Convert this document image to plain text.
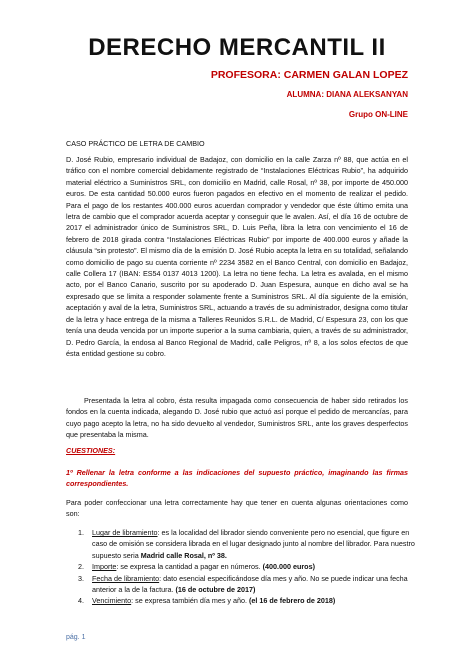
DERECHO MERCANTIL II
PROFESORA: CARMEN GALAN LOPEZ
ALUMNA: DIANA ALEKSANYAN
Grupo ON-LINE
CASO PRÁCTICO DE LETRA DE CAMBIO
D. José Rubio, empresario individual de Badajoz, con domicilio en la calle Zarza nº 88, que actúa en el tráfico con el nombre comercial debidamente registrado de “Instalaciones Eléctricas Rubio”, ha adquirido material eléctrico a Suministros SRL, con domicilio en Madrid, calle Rosal, nº 38, por importe de 450.000 euros. De esta cantidad 50.000 euros fueron pagados en efectivo en el momento de realizar el pedido. Para el pago de los restantes 400.000 euros acuerdan comprador y vendedor que éste último emita una letra de cambio que el comprador acuerda aceptar y conseguir que le avalen. Así, el día 16 de octubre de 2017 el administrador único de Suministros SRL, D. Luis Peña, libra la letra con vencimiento el 16 de febrero de 2018 girada contra “Instalaciones Eléctricas Rubio” por importe de 400.000 euros y añade la cláusula “sin protesto”. El mismo día de la emisión D. José Rubio acepta la letra en su totalidad, señalando como domicilio de pago su cuenta corriente nº 2234 3582 en el Banco Central, con domicilio en Badajoz, calle Collera 17 (IBAN: ES54 0137 4013 1200). La letra no tiene fecha. La letra es avalada, en el mismo acto, por el Banco Canario, suscrito por su apoderado D. Juan Espesura, aunque en dicho aval se ha expresado que se limita a responder solamente frente a Suministros SRL. Al día siguiente de la emisión, aceptación y aval de la letra, Suministros SRL, actuando a través de su administrador, designa como titular de la letra y hace entrega de la misma a Talleres Reunidos S.R.L. de Madrid, C/ Espesura 23, con los que tenía una deuda vencida por un importe superior a la suma cambiaria, quien, a través de su administrador, D. Pedro García, la endosa al Banco Regional de Madrid, calle Peligros, nº 8, a los solos efectos de que ésta entidad gestione su cobro.
Presentada la letra al cobro, ésta resulta impagada como consecuencia de haber sido retirados los fondos en la cuenta indicada, alegando D. José rubio que actuó así porque el pedido de mercancías, para cuyo pago acepto la letra, no ha sido devuelto al vendedor, Suministros SRL, ante los graves desperfectos que presentaba la misma.
CUESTIONES:
1º Rellenar la letra conforme a las indicaciones del supuesto práctico, imaginando las firmas correspondientes.
Para poder confeccionar una letra correctamente hay que tener en cuenta algunas orientaciones como son:
1. Lugar de libramiento: es la localidad del librador siendo conveniente pero no esencial, que figure en caso de omisión se considera librada en el lugar designado junto al nombre del librador. Para nuestro supuesto seria Madrid calle Rosal, nº 38.
2. Importe: se expresa la cantidad a pagar en números. (400.000 euros)
3. Fecha de libramiento: dato esencial especificándose día mes y año. No se puede indicar una fecha anterior a la de la factura. (16 de octubre de 2017)
4. Vencimiento: se expresa también día mes y año. (el 16 de febrero de 2018)
pág. 1
